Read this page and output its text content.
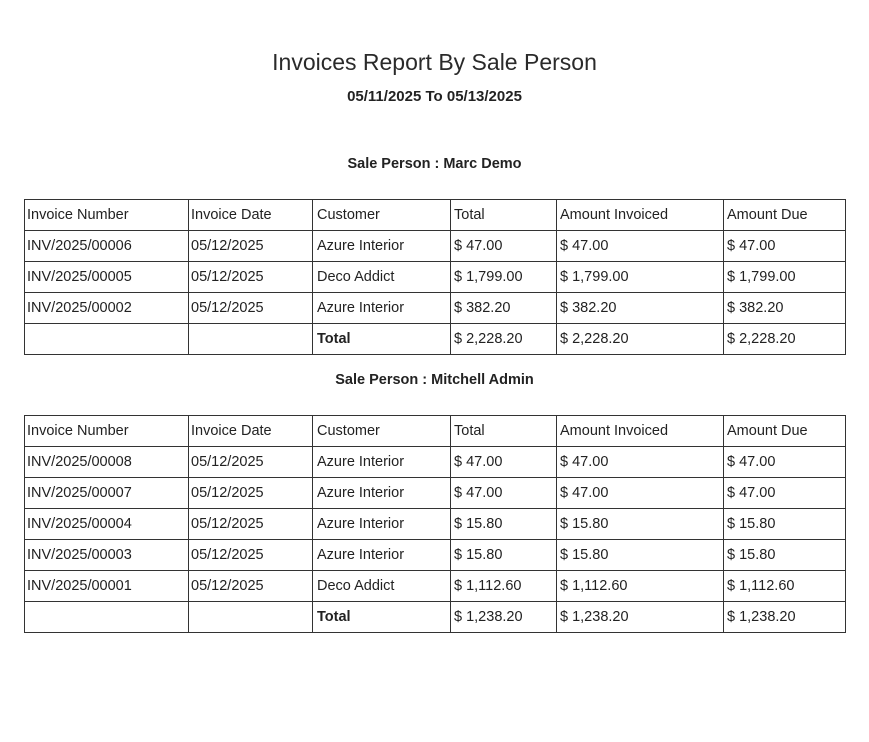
Invoices Report By Sale Person
05/11/2025 To 05/13/2025
Sale Person : Marc Demo
Invoice Number	Invoice Date	Customer	Total	Amount Invoiced	Amount Due
INV/2025/00006	05/12/2025	Azure Interior	$ 47.00	$ 47.00	$ 47.00
INV/2025/00005	05/12/2025	Deco Addict	$ 1,799.00	$ 1,799.00	$ 1,799.00
INV/2025/00002	05/12/2025	Azure Interior	$ 382.20	$ 382.20	$ 382.20
		Total	$ 2,228.20	$ 2,228.20	$ 2,228.20
Sale Person : Mitchell Admin
Invoice Number	Invoice Date	Customer	Total	Amount Invoiced	Amount Due
INV/2025/00008	05/12/2025	Azure Interior	$ 47.00	$ 47.00	$ 47.00
INV/2025/00007	05/12/2025	Azure Interior	$ 47.00	$ 47.00	$ 47.00
INV/2025/00004	05/12/2025	Azure Interior	$ 15.80	$ 15.80	$ 15.80
INV/2025/00003	05/12/2025	Azure Interior	$ 15.80	$ 15.80	$ 15.80
INV/2025/00001	05/12/2025	Deco Addict	$ 1,112.60	$ 1,112.60	$ 1,112.60
		Total	$ 1,238.20	$ 1,238.20	$ 1,238.20
